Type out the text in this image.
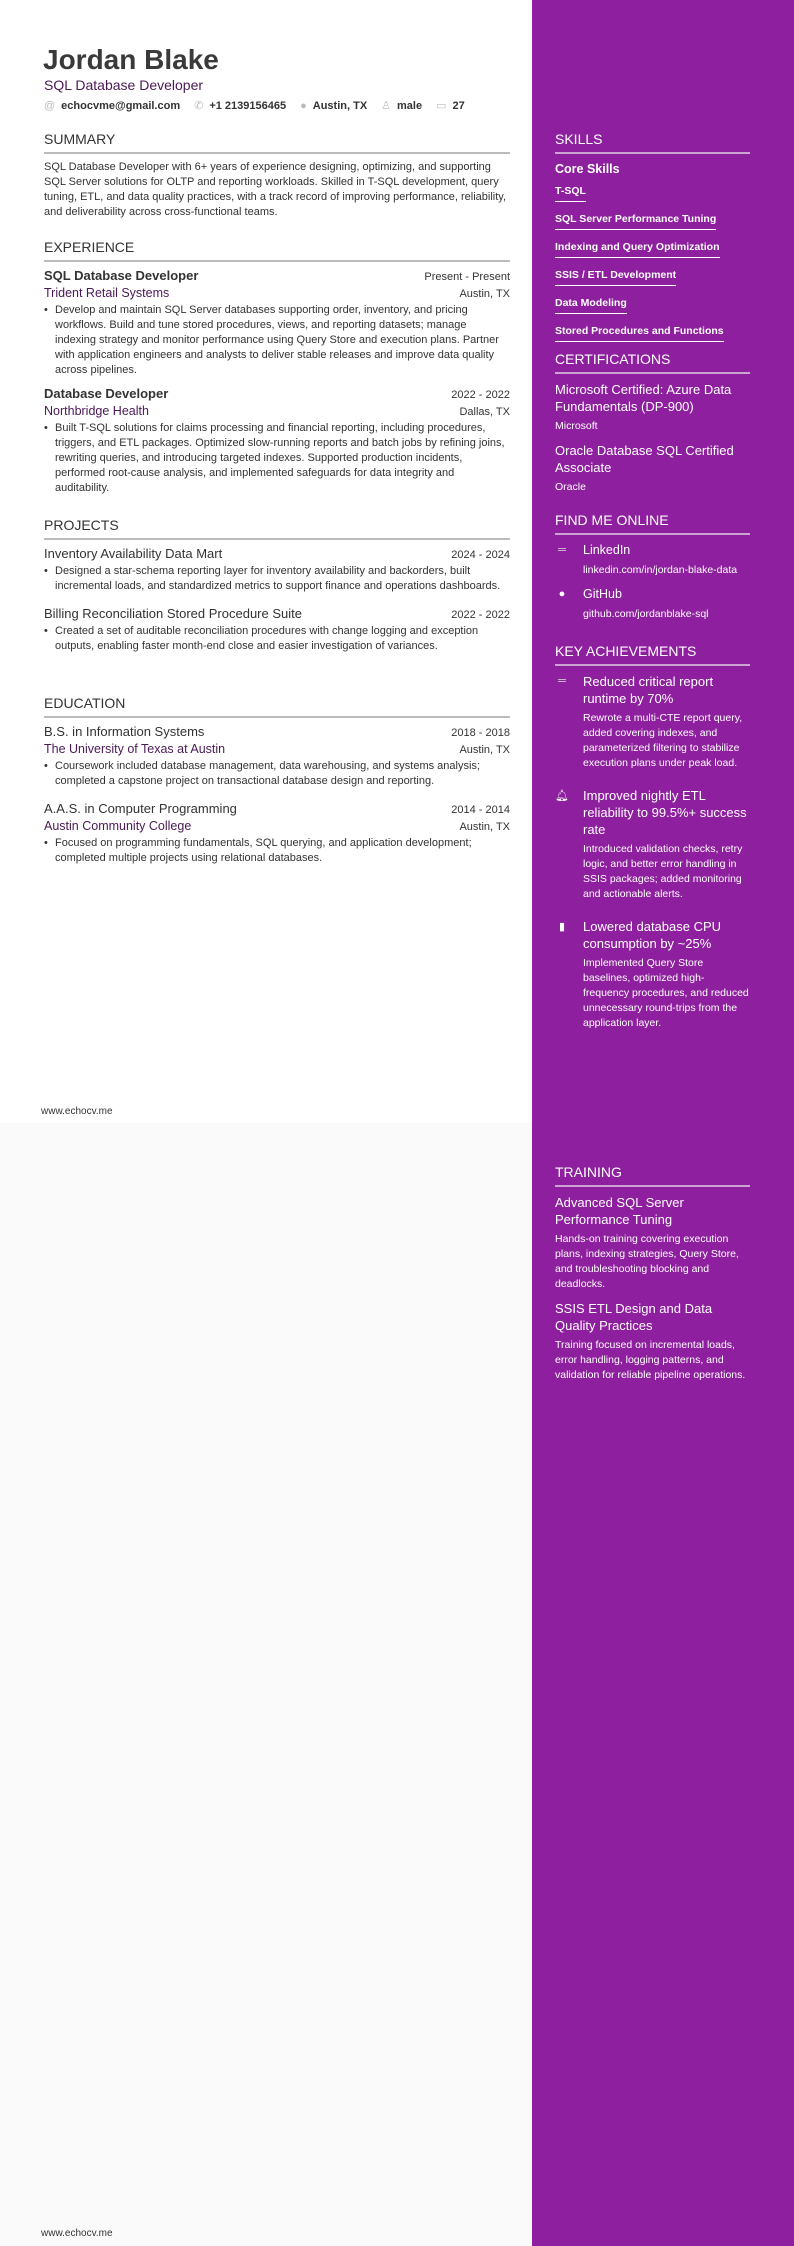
Jordan Blake
SQL Database Developer
@ echocvme@gmail.com ✆ +1 2139156465 ● Austin, TX ♙ male ▭ 27
SUMMARY

SQL Database Developer with 6+ years of experience designing, optimizing, and supporting SQL Server solutions for OLTP and reporting workloads. Skilled in T-SQL development, query tuning, ETL, and data quality practices, with a track record of improving performance, reliability, and deliverability across cross-functional teams.

EXPERIENCE
SQL Database Developer	Present - Present
Trident Retail Systems	Austin, TX
• Develop and maintain SQL Server databases supporting order, inventory, and pricing workflows. Build and tune stored procedures, views, and reporting datasets; manage indexing strategy and monitor performance using Query Store and execution plans. Partner with application engineers and analysts to deliver stable releases and improve data quality across pipelines.
Database Developer	2022 - 2022
Northbridge Health	Dallas, TX
• Built T-SQL solutions for claims processing and financial reporting, including procedures, triggers, and ETL packages. Optimized slow-running reports and batch jobs by refining joins, rewriting queries, and introducing targeted indexes. Supported production incidents, performed root-cause analysis, and implemented safeguards for data integrity and auditability.
PROJECTS
Inventory Availability Data Mart	2024 - 2024
• Designed a star-schema reporting layer for inventory availability and backorders, built incremental loads, and standardized metrics to support finance and operations dashboards.
Billing Reconciliation Stored Procedure Suite	2022 - 2022
• Created a set of auditable reconciliation procedures with change logging and exception outputs, enabling faster month-end close and easier investigation of variances.
EDUCATION
B.S. in Information Systems	2018 - 2018
The University of Texas at Austin	Austin, TX
• Coursework included database management, data warehousing, and systems analysis; completed a capstone project on transactional database design and reporting.
A.A.S. in Computer Programming	2014 - 2014
Austin Community College	Austin, TX
• Focused on programming fundamentals, SQL querying, and application development; completed multiple projects using relational databases.
www.echocv.me
www.echocv.me
SKILLS
Core Skills
T-SQL
SQL Server Performance Tuning
Indexing and Query Optimization
SSIS / ETL Development
Data Modeling
Stored Procedures and Functions
CERTIFICATIONS
Microsoft Certified: Azure Data Fundamentals (DP-900)
Microsoft
Oracle Database SQL Certified Associate
Oracle
FIND ME ONLINE
═ LinkedIn
linkedin.com/in/jordan-blake-data
● GitHub
github.com/jordanblake-sql
KEY ACHIEVEMENTS
═ Reduced critical report runtime by 70%
Rewrote a multi-CTE report query, added covering indexes, and parameterized filtering to stabilize execution plans under peak load.
🔔︎ Improved nightly ETL reliability to 99.5%+ success rate
Introduced validation checks, retry logic, and better error handling in SSIS packages; added monitoring and actionable alerts.
▮	Lowered database CPU consumption by ~25%
Implemented Query Store baselines, optimized high-frequency procedures, and reduced unnecessary round-trips from the application layer.
TRAINING
Advanced SQL Server Performance Tuning
Hands-on training covering execution plans, indexing strategies, Query Store, and troubleshooting blocking and deadlocks.
SSIS ETL Design and Data Quality Practices
Training focused on incremental loads, error handling, logging patterns, and validation for reliable pipeline operations.
